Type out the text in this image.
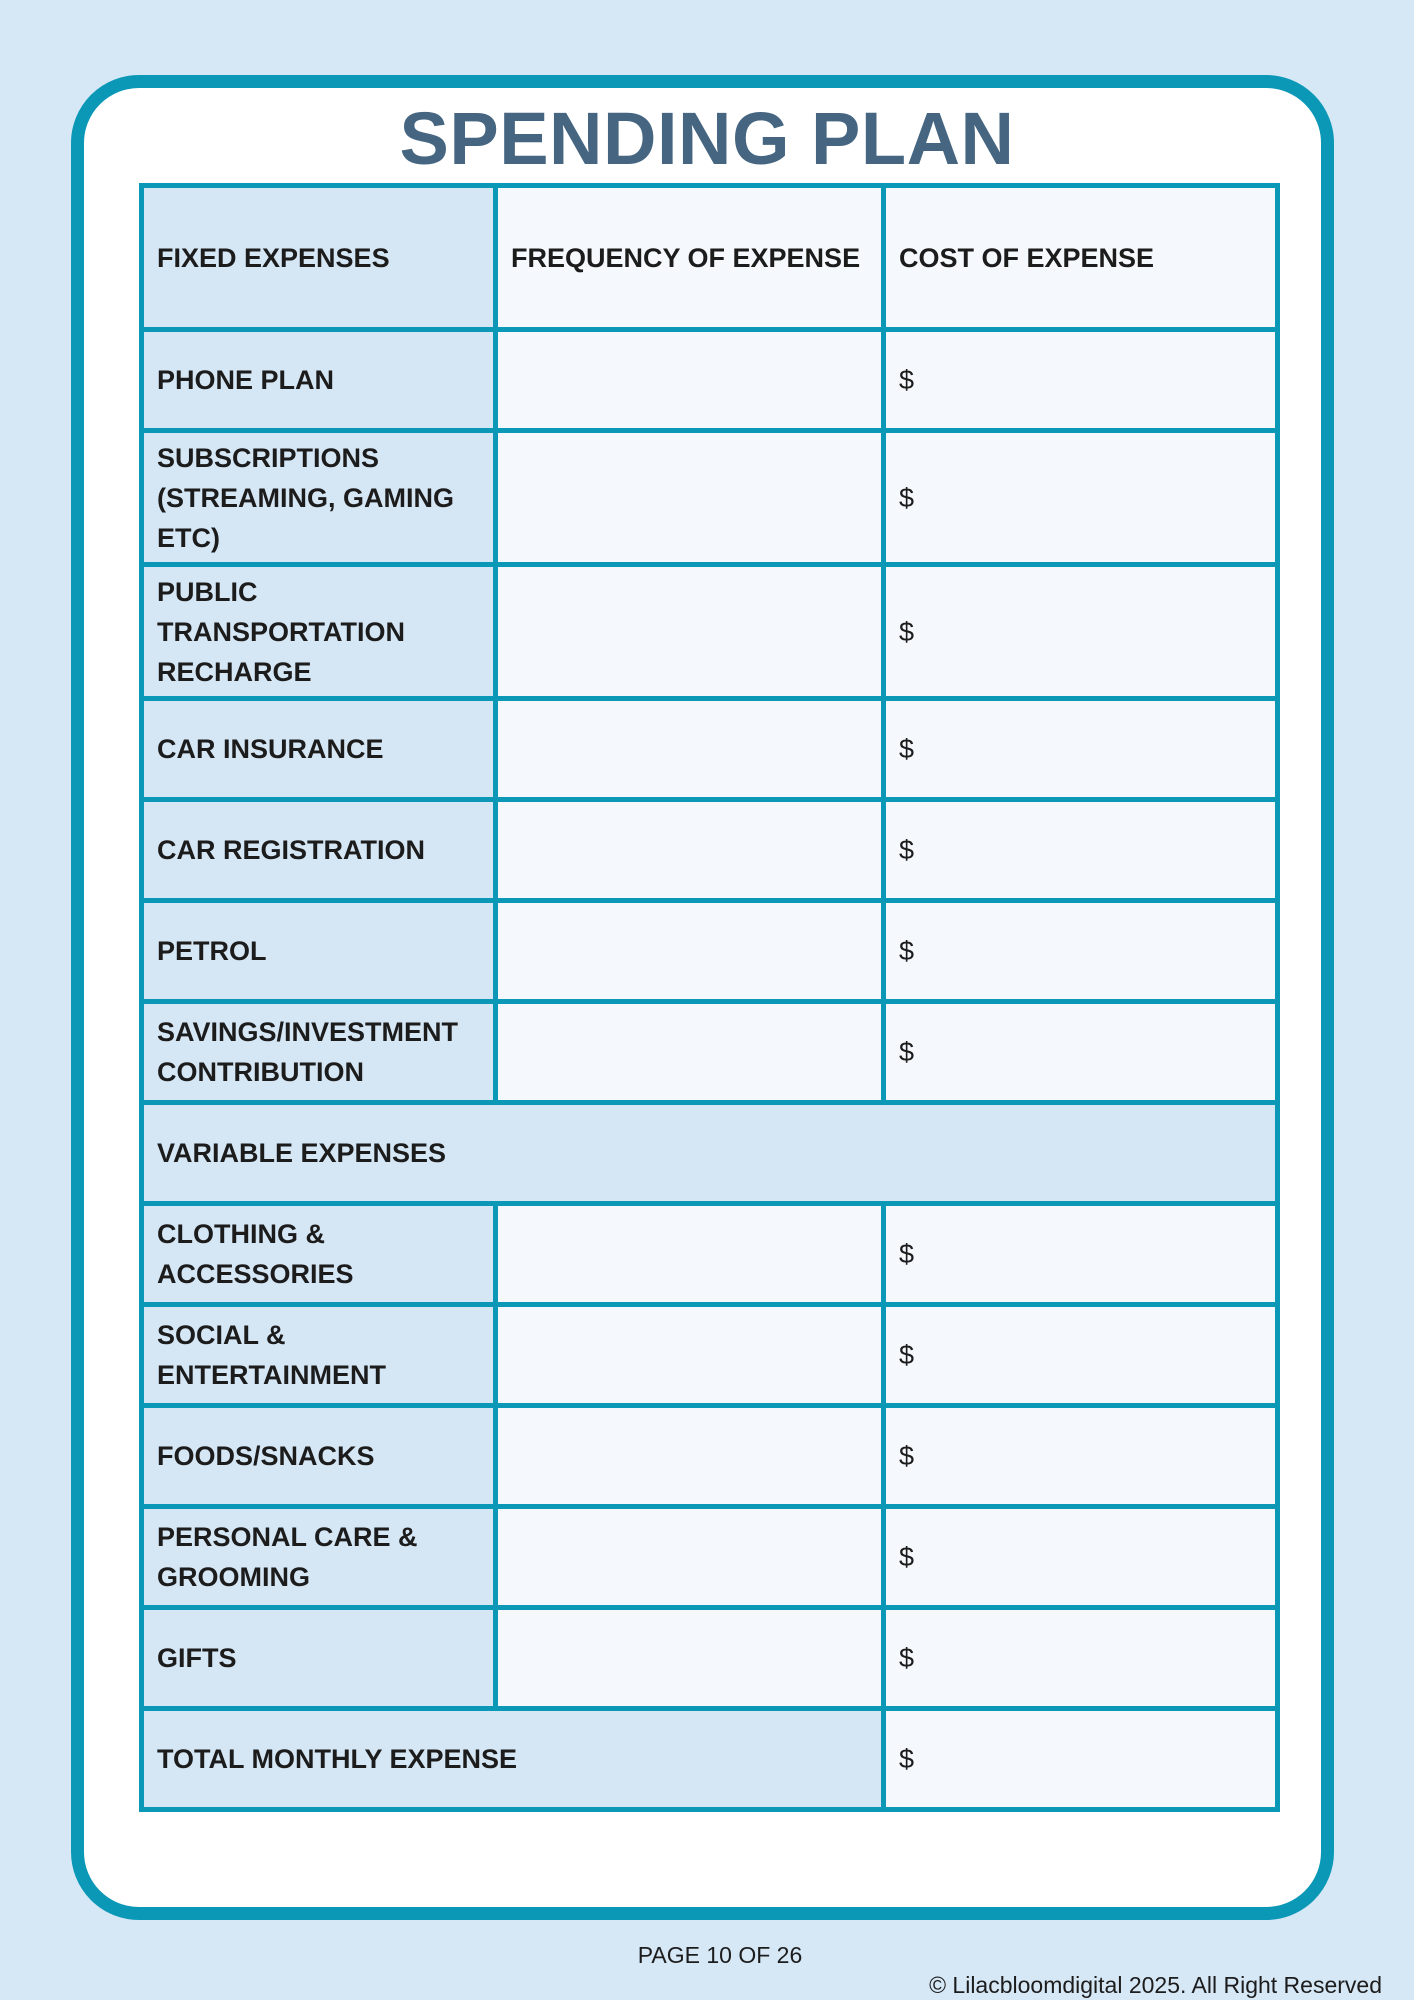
SPENDING PLAN
FIXED EXPENSES	FREQUENCY OF EXPENSE	COST OF EXPENSE
PHONE PLAN		$
SUBSCRIPTIONS (STREAMING, GAMING ETC)		$
PUBLIC TRANSPORTATION RECHARGE		$
CAR INSURANCE		$
CAR REGISTRATION		$
PETROL		$
SAVINGS/INVESTMENT CONTRIBUTION		$
VARIABLE EXPENSES		
CLOTHING & ACCESSORIES		$
SOCIAL & ENTERTAINMENT		$
FOODS/SNACKS		$
PERSONAL CARE & GROOMING		$
GIFTS		$
TOTAL MONTHLY EXPENSE		$
PAGE 10 OF 26
© Lilacbloomdigital 2025. All Right Reserved
